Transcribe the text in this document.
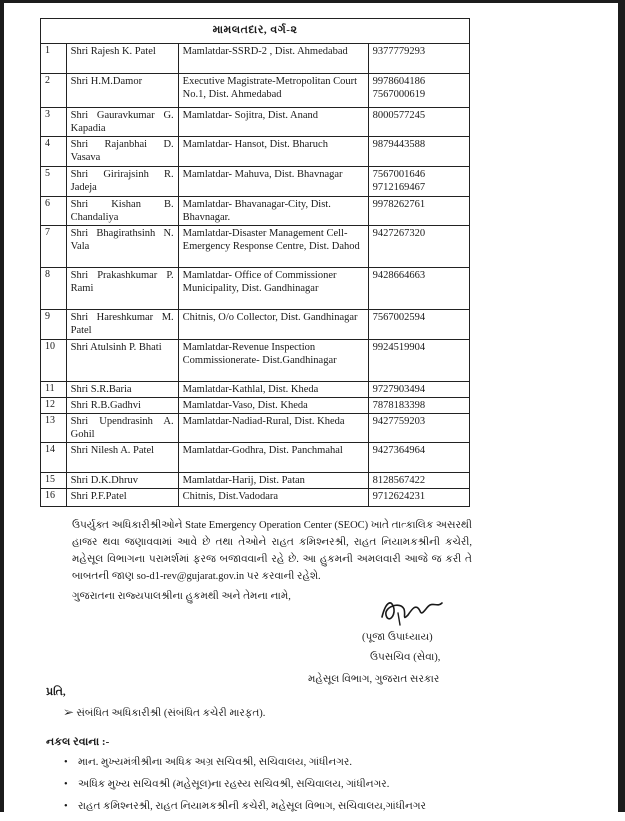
મામલતદાર, વર્ગ-૨			
1	Shri Rajesh K. Patel	Mamlatdar-SSRD-2 , Dist. Ahmedabad	9377779293

2	Shri H.M.Damor	Executive Magistrate-Metropolitan Court No.1, Dist. Ahmedabad	9978604186
7567000619

3	Shri Gauravkumar G. Kapadia	Mamlatdar- Sojitra, Dist. Anand	8000577245

4	Shri Rajanbhai D. Vasava	Mamlatdar- Hansot, Dist. Bharuch	9879443588

5	Shri Girirajsinh R. Jadeja	Mamlatdar- Mahuva, Dist. Bhavnagar	7567001646
9712169467

6	Shri Kishan B. Chandaliya	Mamlatdar- Bhavanagar-City, Dist. Bhavnagar.	9978262761

7	Shri Bhagirathsinh N. Vala	Mamlatdar-Disaster Management Cell-Emergency Response Centre, Dist. Dahod	9427267320

8	Shri Prakashkumar P. Rami	Mamlatdar- Office of Commissioner Municipality, Dist. Gandhinagar	9428664663

9	Shri Hareshkumar M. Patel	Chitnis, O/o Collector, Dist. Gandhinagar	7567002594

10	Shri Atulsinh P. Bhati	Mamlatdar-Revenue Inspection Commissionerate- Dist.Gandhinagar	9924519904

11	Shri S.R.Baria	Mamlatdar-Kathlal, Dist. Kheda	9727903494

12	Shri R.B.Gadhvi	Mamlatdar-Vaso, Dist. Kheda	7878183398

13	Shri Upendrasinh A. Gohil	Mamlatdar-Nadiad-Rural, Dist. Kheda	9427759203

14	Shri Nilesh A. Patel	Mamlatdar-Godhra, Dist. Panchmahal	9427364964

15	Shri D.K.Dhruv	Mamlatdar-Harij, Dist. Patan	8128567422

16	Shri P.F.Patel	Chitnis, Dist.Vadodara	9712624231
ઉપર્યુક્ત અધિકારીશ્રીઓને State Emergency Operation Center (SEOC) ખાતે તાત્કાલિક અસરથી હાજર થવા જણાવવામાં આવે છે તથા તેઓને રાહત કમિશ્નરશ્રી, રાહત નિયામકશ્રીની કચેરી, મહેસૂલ વિભાગના પરામર્શમાં ફરજ બજાવવાની રહે છે. આ હુકમની અમલવારી આજે જ કરી તે બાબતની જાણ so-d1-rev@gujarat.gov.in પર કરવાની રહેશે.
ગુજરાતના રાજ્યપાલશ્રીના હુકમથી અને તેમના નામે,
(પૂજા ઉપાધ્યાય)
ઉપસચિવ (સેવા),
મહેસૂલ વિભાગ, ગુજરાત સરકાર
પ્રતિ,
➢ સંબંધિત અધિકારીશ્રી (સંબંધિત કચેરી મારફત).
નકલ રવાના :-
• માન. મુખ્યમંત્રીશ્રીના અધિક અગ્ર સચિવશ્રી, સચિવાલય, ગાંધીનગર.
• અધિક મુખ્ય સચિવશ્રી (મહેસૂલ)ના રહસ્ય સચિવશ્રી, સચિવાલય, ગાંધીનગર.
• રાહત કમિશ્નરશ્રી, રાહત નિયામકશ્રીની કચેરી, મહેસૂલ વિભાગ, સચિવાલય,ગાંધીનગર
